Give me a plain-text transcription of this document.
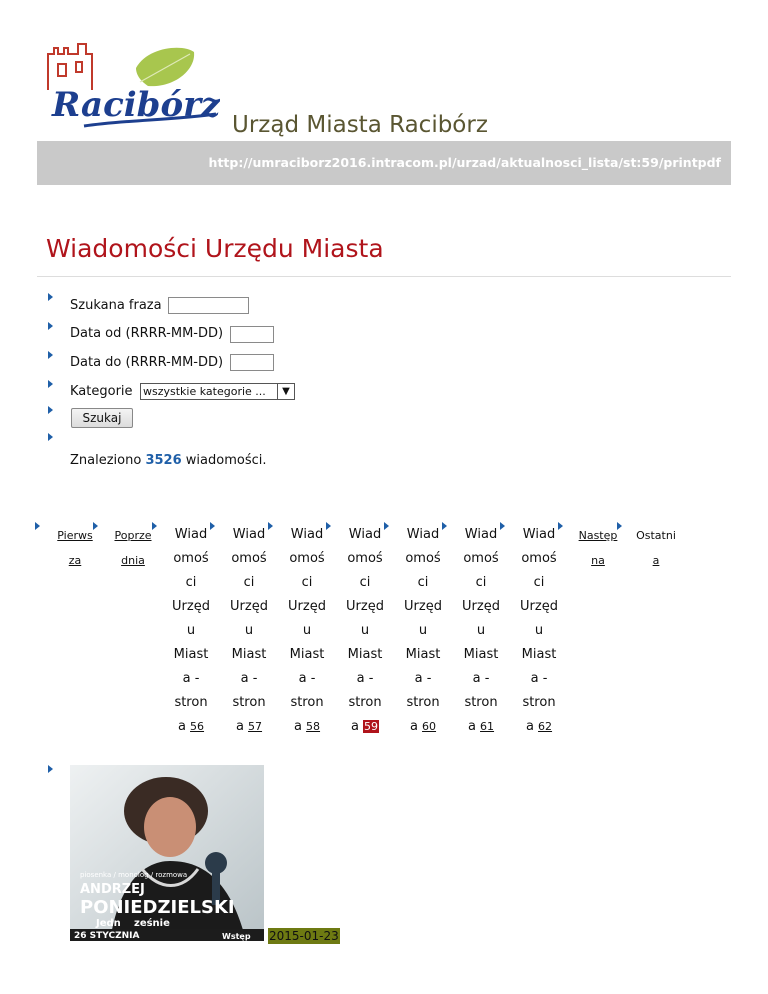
Racibórz Urząd Miasta Racibórz
http://umraciborz2016.intracom.pl/urzad/aktualnosci_lista/st:59/printpdf
Wiadomości Urzędu Miasta
Szukana fraza
Data od (RRRR-MM-DD)
Data do (RRRR-MM-DD)
Kategorie wszystkie kategorie ...	▼
Szukaj
Znaleziono 3526 wiadomości.
Pierws
za
Poprze
dnia
Wiad
omoś
ci
Urzęd
u
Miast
a -
stron
a 56
Wiad
omoś
ci
Urzęd
u
Miast
a -
stron
a 57
Wiad
omoś
ci
Urzęd
u
Miast
a -
stron
a 58
Wiad
omoś
ci
Urzęd
u
Miast
a -
stron
a 59
Wiad
omoś
ci
Urzęd
u
Miast
a -
stron
a 60
Wiad
omoś
ci
Urzęd
u
Miast
a -
stron
a 61
Wiad
omoś
ci
Urzęd
u
Miast
a -
stron
a 62
Następ
na
Ostatni
a
piosenka / monolog / rozmowa
ANDRZEJ
PONIEDZIELSKI
Jedn ześnie
26 STYCZNIA	Wstęp 2015-01-23
